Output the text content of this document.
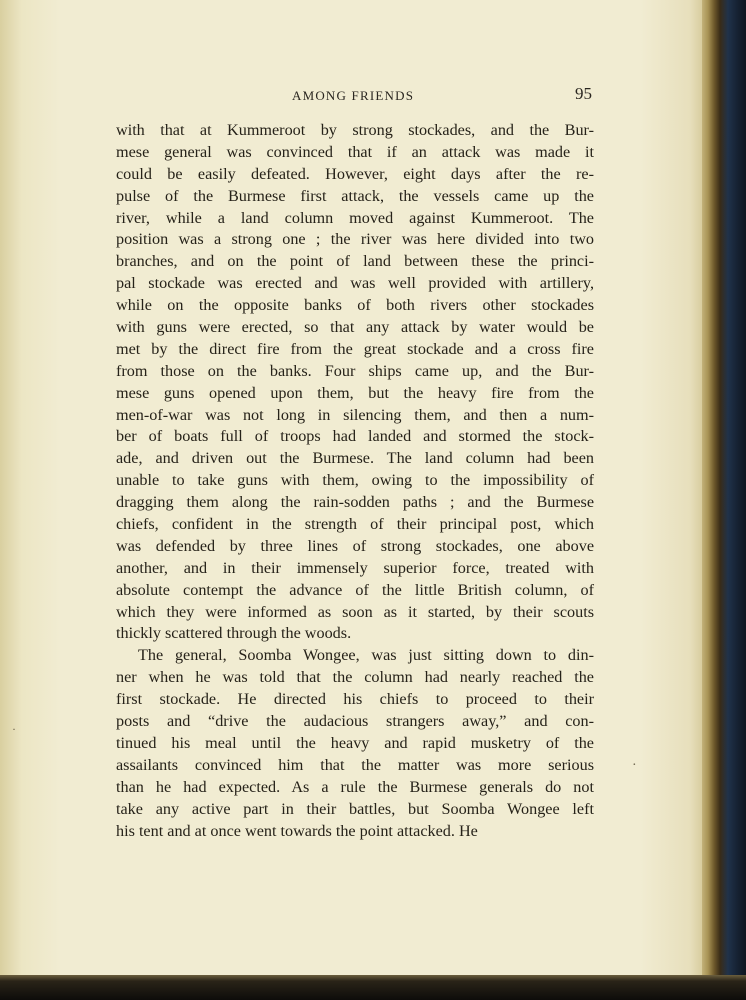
AMONG FRIENDS	95
with that at Kummeroot by strong stockades, and the Bur-
mese general was convinced that if an attack was made it
could be easily defeated. However, eight days after the re-
pulse of the Burmese first attack, the vessels came up the
river, while a land column moved against Kummeroot. The
position was a strong one ; the river was here divided into two
branches, and on the point of land between these the princi-
pal stockade was erected and was well provided with artillery,
while on the opposite banks of both rivers other stockades
with guns were erected, so that any attack by water would be
met by the direct fire from the great stockade and a cross fire
from those on the banks. Four ships came up, and the Bur-
mese guns opened upon them, but the heavy fire from the
men-of-war was not long in silencing them, and then a num-
ber of boats full of troops had landed and stormed the stock-
ade, and driven out the Burmese. The land column had been
unable to take guns with them, owing to the impossibility of
dragging them along the rain-sodden paths ; and the Burmese
chiefs, confident in the strength of their principal post, which
was defended by three lines of strong stockades, one above
another, and in their immensely superior force, treated with
absolute contempt the advance of the little British column, of
which they were informed as soon as it started, by their scouts
thickly scattered through the woods.
The general, Soomba Wongee, was just sitting down to din-
ner when he was told that the column had nearly reached the
first stockade. He directed his chiefs to proceed to their
posts and “drive the audacious strangers away,” and con-
tinued his meal until the heavy and rapid musketry of the
assailants convinced him that the matter was more serious
than he had expected. As a rule the Burmese generals do not
take any active part in their battles, but Soomba Wongee left
his tent and at once went towards the point attacked. He
·
·
